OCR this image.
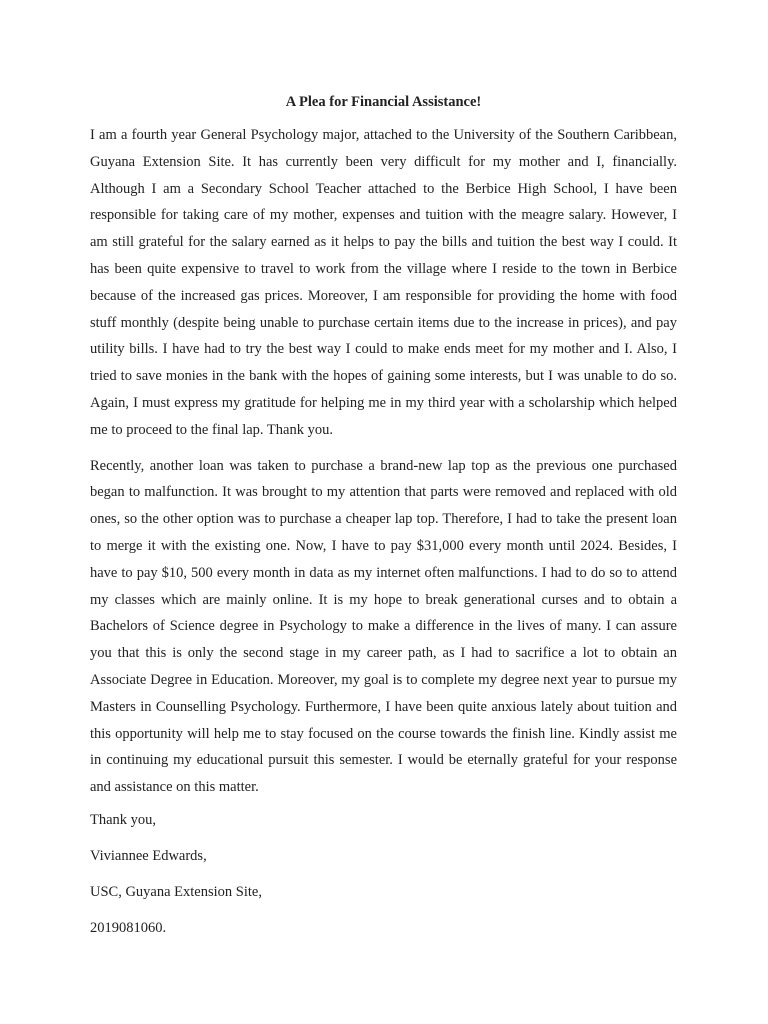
A Plea for Financial Assistance!

I am a fourth year General Psychology major, attached to the University of the Southern Caribbean, Guyana Extension Site. It has currently been very difficult for my mother and I, financially. Although I am a Secondary School Teacher attached to the Berbice High School, I have been responsible for taking care of my mother, expenses and tuition with the meagre salary. However, I am still grateful for the salary earned as it helps to pay the bills and tuition the best way I could. It has been quite expensive to travel to work from the village where I reside to the town in Berbice because of the increased gas prices. Moreover, I am responsible for providing the home with food stuff monthly (despite being unable to purchase certain items due to the increase in prices), and pay utility bills. I have had to try the best way I could to make ends meet for my mother and I. Also, I tried to save monies in the bank with the hopes of gaining some interests, but I was unable to do so. Again, I must express my gratitude for helping me in my third year with a scholarship which helped me to proceed to the final lap. Thank you.

Recently, another loan was taken to purchase a brand-new lap top as the previous one purchased began to malfunction. It was brought to my attention that parts were removed and replaced with old ones, so the other option was to purchase a cheaper lap top. Therefore, I had to take the present loan to merge it with the existing one. Now, I have to pay $31,000 every month until 2024. Besides, I have to pay $10, 500 every month in data as my internet often malfunctions. I had to do so to attend my classes which are mainly online. It is my hope to break generational curses and to obtain a Bachelors of Science degree in Psychology to make a difference in the lives of many. I can assure you that this is only the second stage in my career path, as I had to sacrifice a lot to obtain an Associate Degree in Education. Moreover, my goal is to complete my degree next year to pursue my Masters in Counselling Psychology. Furthermore, I have been quite anxious lately about tuition and this opportunity will help me to stay focused on the course towards the finish line. Kindly assist me in continuing my educational pursuit this semester. I would be eternally grateful for your response and assistance on this matter.

Thank you,
Viviannee Edwards,
USC, Guyana Extension Site,
2019081060.
